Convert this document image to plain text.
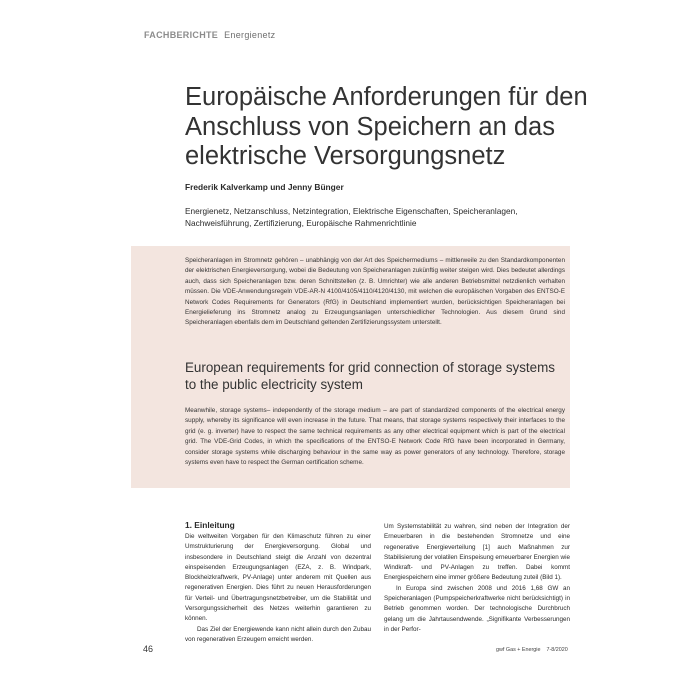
FACHBERICHTE Energienetz
Europäische Anforderungen für den Anschluss von Speichern an das elektrische Versorgungsnetz
Frederik Kalverkamp und Jenny Bünger
Energienetz, Netzanschluss, Netzintegration, Elektrische Eigenschaften, Speicheranlagen, Nachweisführung, Zertifizierung, Europäische Rahmenrichtlinie
Speicheranlagen im Stromnetz gehören – unabhängig von der Art des Speichermediums – mittlerweile zu den Standardkomponenten der elektrischen Energieversorgung, wobei die Bedeutung von Speicheranlagen zukünftig weiter steigen wird. Dies bedeutet allerdings auch, dass sich Speicheranlagen bzw. deren Schnittstellen (z. B. Umrichter) wie alle anderen Betriebsmittel netzdienlich verhalten müssen. Die VDE-Anwendungsregeln VDE-AR-N 4100/4105/4110/4120/4130, mit welchen die europäischen Vorgaben des ENTSO-E Network Codes Requirements for Generators (RfG) in Deutschland implementiert wurden, berücksichtigen Speicheranlagen bei Energielieferung ins Stromnetz analog zu Erzeugungsanlagen unterschiedlicher Technologien. Aus diesem Grund sind Speicheranlagen ebenfalls dem im Deutschland geltenden Zertifizierungssystem unterstellt.
European requirements for grid connection of storage systems to the public electricity system
Meanwhile, storage systems– independently of the storage medium – are part of standardized components of the electrical energy supply, whereby its significance will even increase in the future. That means, that storage systems respectively their interfaces to the grid (e. g. inverter) have to respect the same technical requirements as any other electrical equipment which is part of the electrical grid. The VDE-Grid Codes, in which the specifications of the ENTSO-E Network Code RfG have been incorporated in Germany, consider storage systems while discharging behaviour in the same way as power generators of any technology. Therefore, storage systems even have to respect the German certification scheme.
1. Einleitung

Die weltweiten Vorgaben für den Klimaschutz führen zu einer Umstrukturierung der Energieversorgung. Global und insbesondere in Deutschland steigt die Anzahl von dezentral einspeisenden Erzeugungsanlagen (EZA, z. B. Windpark, Blockheizkraftwerk, PV-Anlage) unter anderem mit Quellen aus regenerativen Energien. Dies führt zu neuen Herausforderungen für Verteil- und Übertragungsnetzbetreiber, um die Stabilität und Versorgungssicherheit des Netzes weiterhin garantieren zu können.

Das Ziel der Energiewende kann nicht allein durch den Zubau von regenerativen Erzeugern erreicht werden.

Um Systemstabilität zu wahren, sind neben der Integration der Erneuerbaren in die bestehenden Stromnetze und eine regenerative Energieverteilung [1] auch Maßnahmen zur Stabilisierung der volatilen Einspeisung erneuerbarer Energien wie Windkraft- und PV-Anlagen zu treffen. Dabei kommt Energiespeichern eine immer größere Bedeutung zuteil (Bild 1).

In Europa sind zwischen 2008 und 2016 1,68 GW an Speicheranlagen (Pumpspeicherkraftwerke nicht berücksichtigt) in Betrieb genommen worden. Der technologische Durchbruch gelang um die Jahrtausendwende. „Signifikante Verbesserungen in der Perfor-

46	gwf Gas + Energie 7-8/2020
